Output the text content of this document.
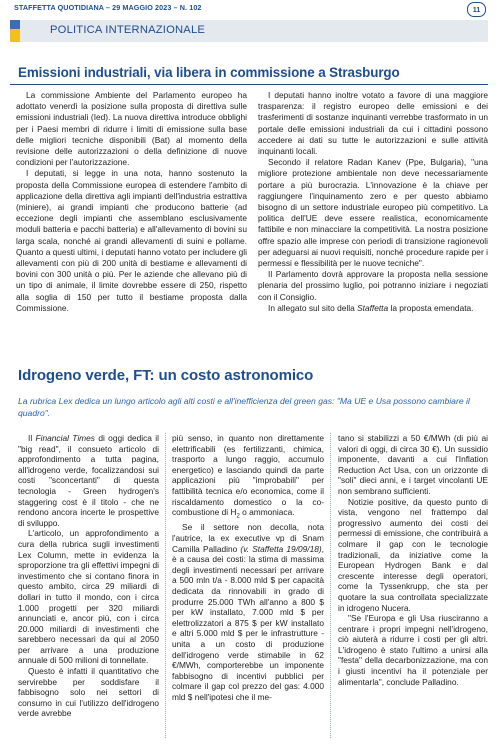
STAFFETTA QUOTIDIANA – 29 MAGGIO 2023 – N. 102	11
POLITICA INTERNAZIONALE
Emissioni industriali, via libera in commissione a Strasburgo

La commissione Ambiente del Parlamento europeo ha adottato venerdì la posizione sulla proposta di direttiva sulle emissioni industriali (Ied). La nuova direttiva introduce obblighi per i Paesi membri di ridurre i limiti di emissione sulla base delle migliori tecniche disponibili (Bat) al momento della revisione delle autorizzazioni o della definizione di nuove condizioni per l'autorizzazione.

I deputati, si legge in una nota, hanno sostenuto la proposta della Commissione europea di estendere l'ambito di applicazione della direttiva agli impianti dell'industria estrattiva (miniere), ai grandi impianti che producono batterie (ad eccezione degli impianti che assemblano esclusivamente moduli batteria e pacchi batteria) e all'allevamento di bovini su larga scala, nonché ai grandi allevamenti di suini e pollame. Quanto a questi ultimi, i deputati hanno votato per includere gli allevamenti con più di 200 unità di bestiame e allevamenti di bovini con 300 unità o più. Per le aziende che allevano più di un tipo di animale, il limite dovrebbe essere di 250, rispetto alla soglia di 150 per tutto il bestiame proposta dalla Commissione.

I deputati hanno inoltre votato a favore di una maggiore trasparenza: il registro europeo delle emissioni e dei trasferimenti di sostanze inquinanti verrebbe trasformato in un portale delle emissioni industriali da cui i cittadini possono accedere ai dati su tutte le autorizzazioni e sulle attività inquinanti locali.

Secondo il relatore Radan Kanev (Ppe, Bulgaria), "una migliore protezione ambientale non deve necessariamente portare a più burocrazia. L'innovazione è la chiave per raggiungere l'inquinamento zero e per questo abbiamo bisogno di un settore industriale europeo più competitivo. La politica dell'UE deve essere realistica, economicamente fattibile e non minacciare la competitività. La nostra posizione offre spazio alle imprese con periodi di transizione ragionevoli per adeguarsi ai nuovi requisiti, nonché procedure rapide per i permessi e flessibilità per le nuove tecniche".

Il Parlamento dovrà approvare la proposta nella sessione plenaria del prossimo luglio, poi potranno iniziare i negoziati con il Consiglio.

In allegato sul sito della Staffetta la proposta emendata.

Idrogeno verde, FT: un costo astronomico
La rubrica Lex dedica un lungo articolo agli alti costi e all'inefficienza del green gas: "Ma UE e Usa possono cambiare il quadro".

Il Financial Times di oggi dedica il "big read", il consueto articolo di approfondimento a tutta pagina, all'idrogeno verde, focalizzandosi sui costi "sconcertanti" di questa tecnologia - Green hydrogen's staggering cost è il titolo - che ne rendono ancora incerte le prospettive di sviluppo.

L'articolo, un approfondimento a cura della rubrica sugli investimenti Lex Column, mette in evidenza la sproporzione tra gli effettivi impegni di investimento che si contano finora in questo ambito, circa 29 miliardi di dollari in tutto il mondo, con i circa 1.000 progetti per 320 miliardi annunciati e, ancor più, con i circa 20.000 miliardi di investimenti che sarebbero necessari da qui al 2050 per arrivare a una produzione annuale di 500 milioni di tonnellate.

Questo è infatti il quantitativo che servirebbe per soddisfare il fabbisogno solo nei settori di consumo in cui l'utilizzo dell'idrogeno verde avrebbe

più senso, in quanto non direttamente elettrificabili (es fertilizzanti, chimica, trasporto a lungo raggio, accumulo energetico) e lasciando quindi da parte applicazioni più "improbabili" per fattibilità tecnica e/o economica, come il riscaldamento domestico o la co-combustione di $H_2$ o ammoniaca.

Se il settore non decolla, nota l'autrice, la ex executive vp di Snam Camilla Palladino (v. Staffetta 19/09/18), è a causa dei costi: la stima di massima degli investimenti necessari per arrivare a 500 mln t/a - 8.000 mld $ per capacità dedicata da rinnovabili in grado di produrre 25.000 TWh all'anno a 800 $ per kW installato, 7.000 mld $ per elettrolizzatori a 875 $ per kW installato e altri 5.000 mld $ per le infrastrutture - unita a un costo di produzione dell'idrogeno verde stimabile in 62 €/MWh, comporterebbe un imponente fabbisogno di incentivi pubblici per colmare il gap col prezzo del gas: 4.000 mld $ nell'ipotesi che il me-

tano si stabilizzi a 50 €/MWh (di più ai valori di oggi, di circa 30 €). Un sussidio imponente, davanti a cui l'Inflation Reduction Act Usa, con un orizzonte di "soli" dieci anni, e i target vincolanti UE non sembrano sufficienti.

Notizie positive, da questo punto di vista, vengono nel frattempo dal progressivo aumento dei costi dei permessi di emissione, che contribuirà a colmare il gap con le tecnologie tradizionali, da iniziative come la European Hydrogen Bank e dal crescente interesse degli operatori, come la Tyssenkrupp, che sta per quotare la sua controllata specializzate in idrogeno Nucera.

"Se l'Europa e gli Usa riusciranno a centrare i propri impegni nell'idrogeno, ciò aiuterà a ridurre i costi per gli altri. L'idrogeno è stato l'ultimo a unirsi alla "festa" della decarbonizzazione, ma con i giusti incentivi ha il potenziale per alimentarla", conclude Palladino.
